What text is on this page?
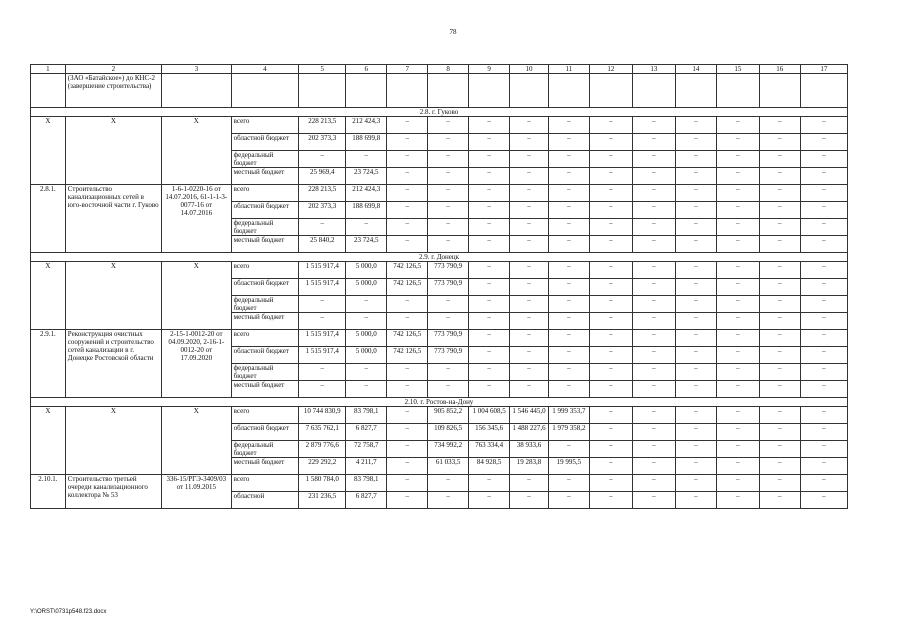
78
1	2	3	4	5	6	7	8	9	10	11	12	13	14	15	16	17
	(ЗАО «Батайское») до КНС-2 (завершение строительства)															
2.8. г. Гуково																
Х	Х	Х	всего	228 213,5	212 424,3	–	–	–	–	–	–	–	–	–	–	–
			областной бюджет	202 373,3	188 699,8	–	–	–	–	–	–	–	–	–	–	–
			федеральный бюджет	–	–	–	–	–	–	–	–	–	–	–	–	–
			местный бюджет	25 969,4	23 724,5	–	–	–	–	–	–	–	–	–	–	–
2.8.1.	Строительство канализационных сетей в юго-восточной части г. Гуково	1-6-1-0220-16 от 14.07.2016, 61-1-1-3-0077-16 от 14.07.2016	всего	228 213,5	212 424,3	–	–	–	–	–	–	–	–	–	–	–
			областной бюджет	202 373,3	188 699,8	–	–	–	–	–	–	–	–	–	–	–
			федеральный бюджет	–	–	–	–	–	–	–	–	–	–	–	–	–
			местный бюджет	25 840,2	23 724,5	–	–	–	–	–	–	–	–	–	–	–
2.9. г. Донецк																
Х	Х	Х	всего	1 515 917,4	5 000,0	742 126,5	773 790,9	–	–	–	–	–	–	–	–	–
			областной бюджет	1 515 917,4	5 000,0	742 126,5	773 790,9	–	–	–	–	–	–	–	–	–
			федеральный бюджет	–	–	–	–	–	–	–	–	–	–	–	–	–
			местный бюджет	–	–	–	–	–	–	–	–	–	–	–	–	–
2.9.1.	Реконструкция очистных сооружений и строительство сетей канализации в г. Донецке Ростовской области	2-15-1-0012-20 от 04.09.2020, 2-16-1-0012-20 от 17.09.2020	всего	1 515 917,4	5 000,0	742 126,5	773 790,9	–	–	–	–	–	–	–	–	–
			областной бюджет	1 515 917,4	5 000,0	742 126,5	773 790,9	–	–	–	–	–	–	–	–	–
			федеральный бюджет	–	–	–	–	–	–	–	–	–	–	–	–	–
			местный бюджет	–	–	–	–	–	–	–	–	–	–	–	–	–
2.10. г. Ростов-на-Дону																
Х	Х	Х	всего	10 744 830,9	83 798,1	–	905 852,2	1 004 608,5	1 546 445,0	1 999 353,7	–	–	–	–	–	–
			областной бюджет	7 635 762,1	6 827,7	–	109 826,5	156 345,6	1 488 227,6	1 979 358,2	–	–	–	–	–	–
			федеральный бюджет	2 879 776,6	72 758,7	–	734 992,2	763 334,4	38 933,6	–	–	–	–	–	–	–
			местный бюджет	229 292,2	4 211,7	–	61 033,5	84 928,5	19 283,8	19 995,5	–	–	–	–	–	–
2.10.1.	Строительство третьей очереди канализационного коллектора № 53	336-15/РГЭ-3409/03 от 11.09.2015	всего	1 580 784,0	83 798,1	–	–	–	–	–	–	–	–	–	–	–
			областной	231 236,5	6 827,7	–	–	–	–	–	–	–	–	–	–	–
Y:\ORST\0731p548.f23.docx
